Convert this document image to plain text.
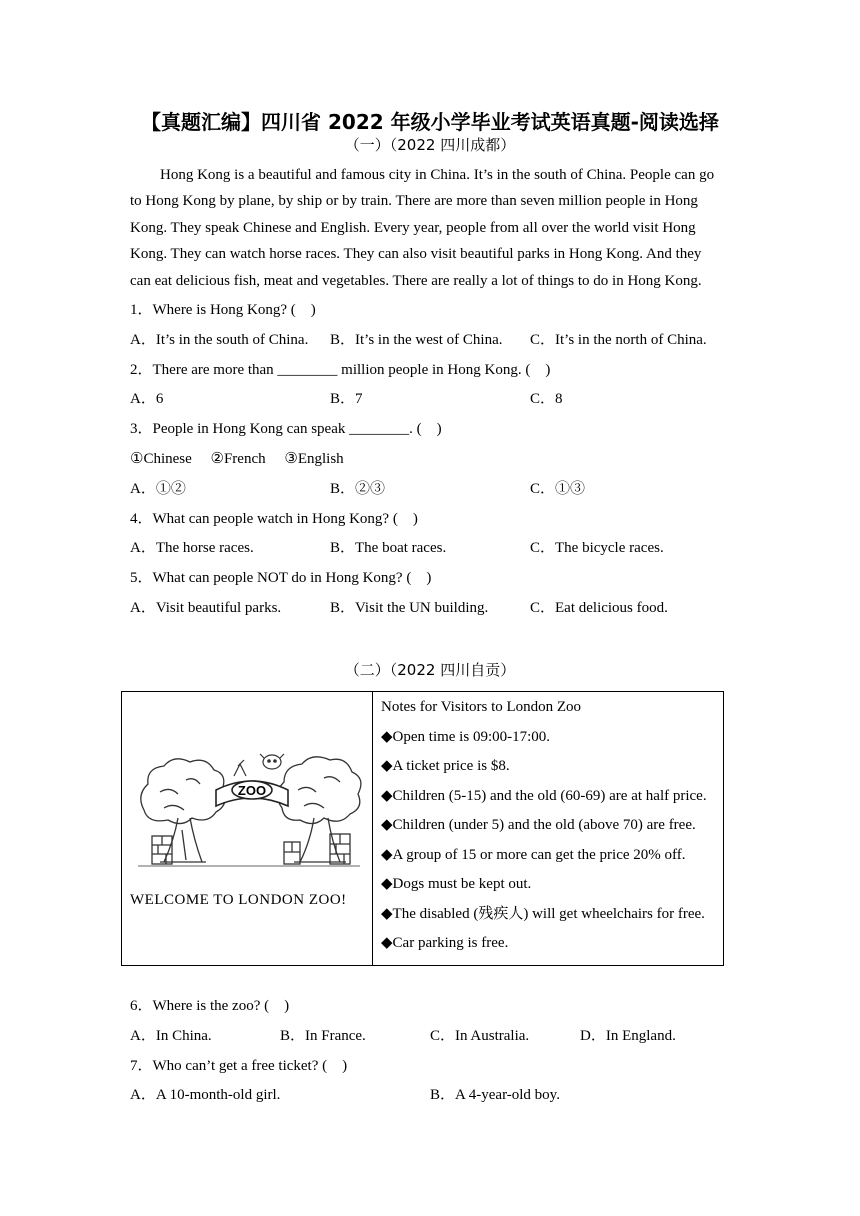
【真题汇编】四川省 2022 年级小学毕业考试英语真题-阅读选择
（一）（2022 四川成都）
Hong Kong is a beautiful and famous city in China. It’s in the south of China. People can go to Hong Kong by plane, by ship or by train. There are more than seven million people in Hong Kong. They speak Chinese and English. Every year, people from all over the world visit Hong Kong. They can watch horse races. They can also visit beautiful parks in Hong Kong. And they can eat delicious fish, meat and vegetables. There are really a lot of things to do in Hong Kong.
1．Where is Hong Kong? (　)
A．It’s in the south of China. B．It’s in the west of China. C．It’s in the north of China.
2．There are more than ________ million people in Hong Kong. (　)
A．6	B．7	C．8
3．People in Hong Kong can speak ________. (　)
①Chinese　 ②French　 ③English
A．①②	B．②③	C．①③
4．What can people watch in Hong Kong? (　)
A．The horse races.	B．The boat races.	C．The bicycle races.
5．What can people NOT do in Hong Kong? (　)
A．Visit beautiful parks.	B．Visit the UN building.	C．Eat delicious food.
（二）（2022 四川自贡）
ZOO
WELCOME TO LONDON ZOO!

Notes for Visitors to London Zoo
◆Open time is 09:00-17:00.
◆A ticket price is $8.
◆Children (5-15) and the old (60-69) are at half price.
◆Children (under 5) and the old (above 70) are free.
◆A group of 15 or more can get the price 20% off.
◆Dogs must be kept out.
◆The disabled (残疾人) will get wheelchairs for free.
◆Car parking is free.
6．Where is the zoo? (　)
A．In China.	B．In France.	C．In Australia.	D．In England.
7．Who can’t get a free ticket? (　)
A．A 10-month-old girl.	B．A 4-year-old boy.
